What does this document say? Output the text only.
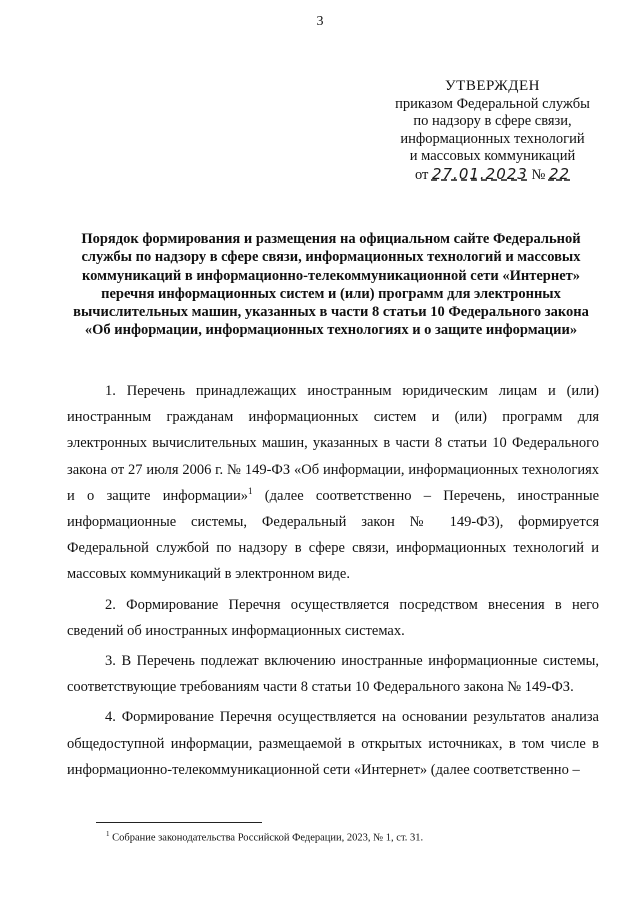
3
УТВЕРЖДЕН
приказом Федеральной службы
по надзору в сфере связи,
информационных технологий
и массовых коммуникаций
от 27.01.2023 № 22
Порядок формирования и размещения на официальном сайте Федеральной службы по надзору в сфере связи, информационных технологий и массовых коммуникаций в информационно-телекоммуникационной сети «Интернет» перечня информационных систем и (или) программ для электронных вычислительных машин, указанных в части 8 статьи 10 Федерального закона «Об информации, информационных технологиях и о защите информации»

1. Перечень принадлежащих иностранным юридическим лицам и (или) иностранным гражданам информационных систем и (или) программ для электронных вычислительных машин, указанных в части 8 статьи 10 Федерального закона от 27 июля 2006 г. № 149-ФЗ «Об информации, информационных технологиях и о защите информации»$^1$ (далее соответственно – Перечень, иностранные информационные системы, Федеральный закон № 149-ФЗ), формируется Федеральной службой по надзору в сфере связи, информационных технологий и массовых коммуникаций в электронном виде.

2. Формирование Перечня осуществляется посредством внесения в него сведений об иностранных информационных системах.

3. В Перечень подлежат включению иностранные информационные системы, соответствующие требованиям части 8 статьи 10 Федерального закона № 149-ФЗ.

4. Формирование Перечня осуществляется на основании результатов анализа общедоступной информации, размещаемой в открытых источниках, в том числе в информационно-телекоммуникационной сети «Интернет» (далее соответственно –

$^1$ Собрание законодательства Российской Федерации, 2023, № 1, ст. 31.
